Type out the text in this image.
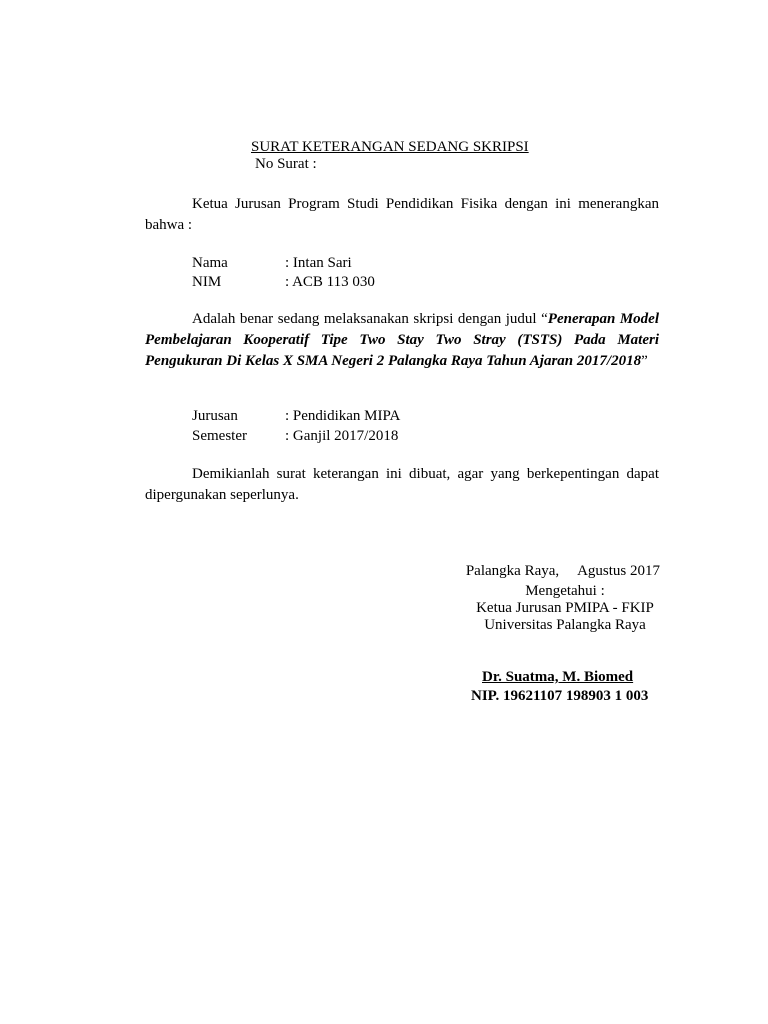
SURAT KETERANGAN SEDANG SKRIPSI
No Surat :
Ketua Jurusan Program Studi Pendidikan Fisika dengan ini menerangkan
bahwa :
Nama	: Intan Sari
NIM	: ACB 113 030

Adalah benar sedang melaksanakan skripsi dengan judul “Penerapan Model Pembelajaran Kooperatif Tipe Two Stay Two Stray (TSTS) Pada Materi Pengukuran Di Kelas X SMA Negeri 2 Palangka Raya Tahun Ajaran 2017/2018”

Jurusan	: Pendidikan MIPA
Semester	: Ganjil 2017/2018

Demikianlah surat keterangan ini dibuat, agar yang berkepentingan dapat dipergunakan seperlunya.

Palangka Raya,     Agustus 2017
Mengetahui :
Ketua Jurusan PMIPA - FKIP
Universitas Palangka Raya
Dr. Suatma, M. Biomed
NIP. 19621107 198903 1 003
